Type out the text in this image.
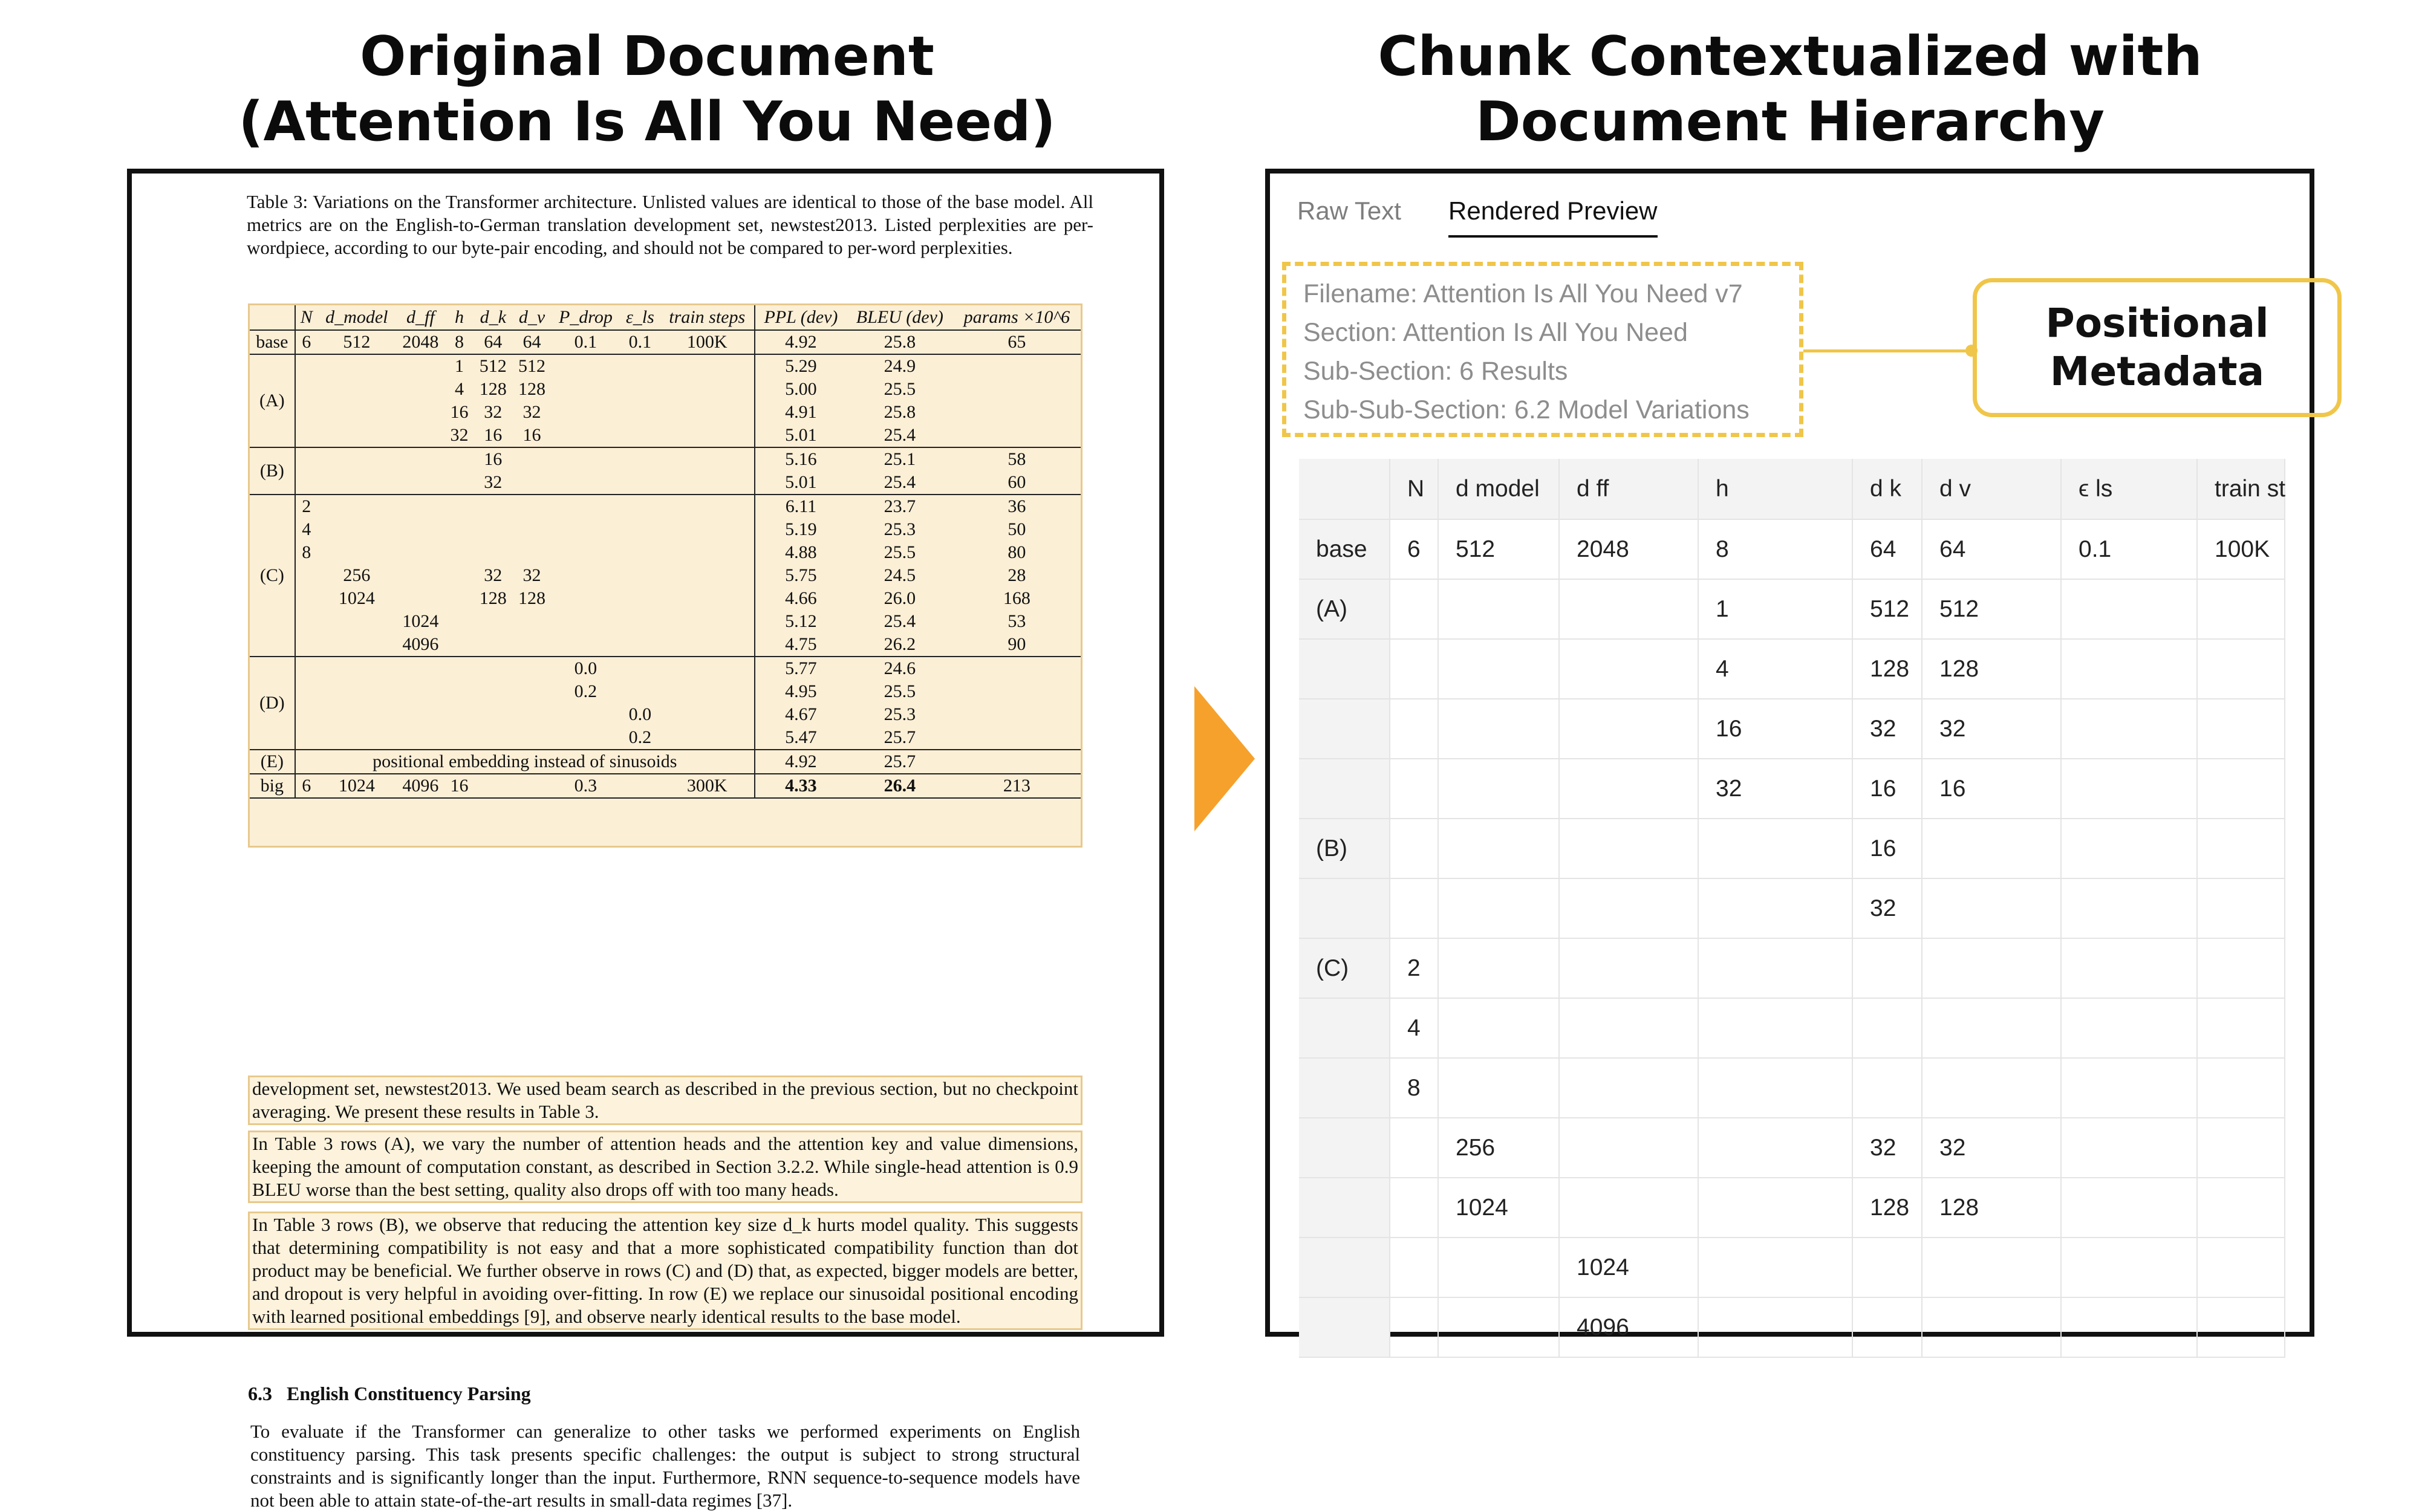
Original Document
(Attention Is All You Need)
Chunk Contextualized with
Document Hierarchy
Table 3: Variations on the Transformer architecture. Unlisted values are identical to those of the base model. All metrics are on the English-to-German translation development set, newstest2013. Listed perplexities are per-wordpiece, according to our byte-pair encoding, and should not be compared to per-word perplexities.
	N	d_model	d_ff	h	d_k	d_v	P_drop	ε_ls	train steps	PPL (dev)	BLEU (dev)	params ×10^6
base	6	512	2048	8	64	64	0.1	0.1	100K	4.92	25.8	65
(A)				1	512	512				5.29	24.9	
				4	128	128				5.00	25.5	
				16	32	32				4.91	25.8	
				32	16	16				5.01	25.4	
(B)					16					5.16	25.1	58
					32					5.01	25.4	60
(C)	2									6.11	23.7	36
	4									5.19	25.3	50
	8									4.88	25.5	80
		256			32	32				5.75	24.5	28
		1024			128	128				4.66	26.0	168
			1024							5.12	25.4	53
			4096							4.75	26.2	90
(D)							0.0			5.77	24.6	
							0.2			4.95	25.5	
								0.0		4.67	25.3	
								0.2		5.47	25.7	
(E)	positional embedding instead of sinusoids									4.92	25.7	
big	6	1024	4096	16			0.3		300K	4.33	26.4	213
development set, newstest2013. We used beam search as described in the previous section, but no checkpoint averaging. We present these results in Table 3.
In Table 3 rows (A), we vary the number of attention heads and the attention key and value dimensions, keeping the amount of computation constant, as described in Section 3.2.2. While single-head attention is 0.9 BLEU worse than the best setting, quality also drops off with too many heads.
In Table 3 rows (B), we observe that reducing the attention key size d_k hurts model quality. This suggests that determining compatibility is not easy and that a more sophisticated compatibility function than dot product may be beneficial. We further observe in rows (C) and (D) that, as expected, bigger models are better, and dropout is very helpful in avoiding over-fitting. In row (E) we replace our sinusoidal positional encoding with learned positional embeddings [9], and observe nearly identical results to the base model.
6.3 English Constituency Parsing
To evaluate if the Transformer can generalize to other tasks we performed experiments on English constituency parsing. This task presents specific challenges: the output is subject to strong structural constraints and is significantly longer than the input. Furthermore, RNN sequence-to-sequence models have not been able to attain state-of-the-art results in small-data regimes [37].
Raw Text Rendered Preview
Filename: Attention Is All You Need v7
Section: Attention Is All You Need
Sub-Section: 6 Results
Sub-Sub-Section: 6.2 Model Variations
Positional
Metadata
	N	d model	d ff	h	d k	d v	ϵ ls	train st
base	6	512	2048	8	64	64	0.1	100K
(A)				1	512	512		
				4	128	128		
				16	32	32		
				32	16	16		
(B)					16			
					32			
(C)	2							
	4							
	8							
		256			32	32		
		1024			128	128		
			1024					
			4096					
